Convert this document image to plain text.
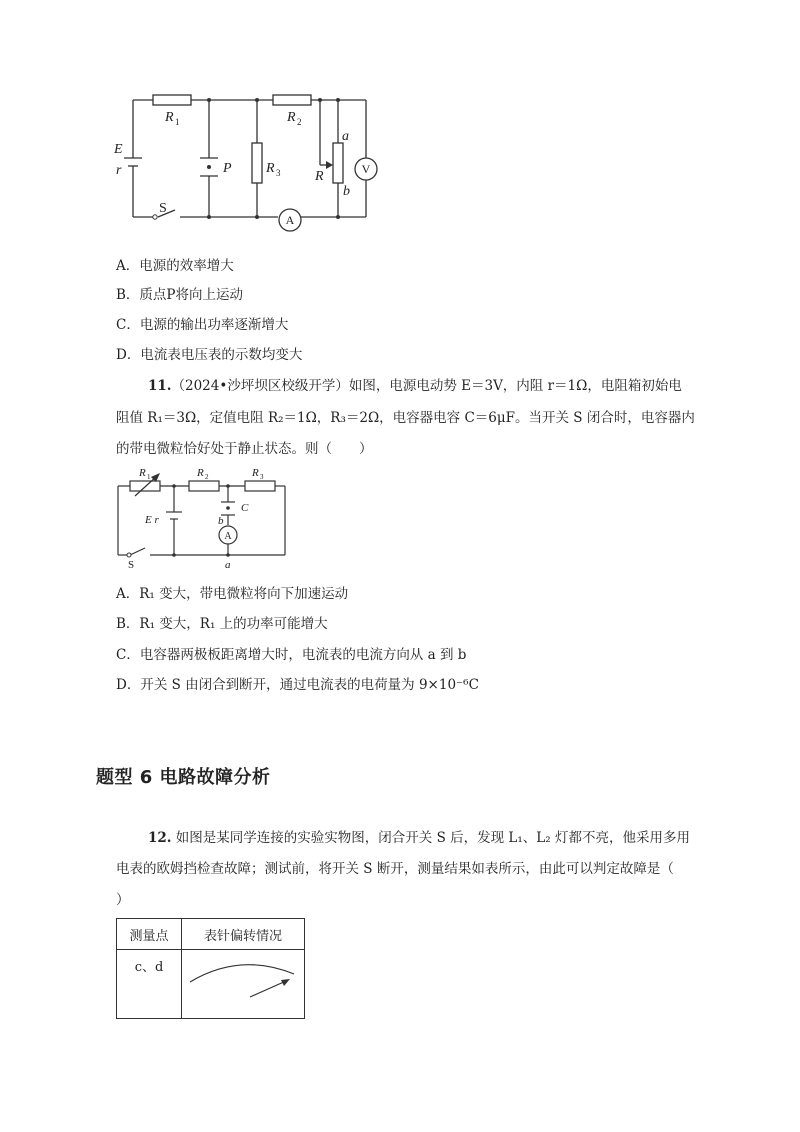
E
r
R 1
P R 3
R 2
R
a
b
S
V
A
A．电源的效率增大
B．质点P将向上运动
C．电源的输出功率逐渐增大
D．电流表电压表的示数均变大
11.（2024•沙坪坝区校级开学）如图，电源电动势 E＝3V，内阻 r＝1Ω，电阻箱初始电
阻值 R₁＝3Ω，定值电阻 R₂＝1Ω，R₃＝2Ω，电容器电容 C＝6μF。当开关 S 闭合时，电容器内
的带电微粒恰好处于静止状态。则（　　）
R 1	R 2	R 3
E r
C
b
a
S
A
A．R₁ 变大，带电微粒将向下加速运动
B．R₁ 变大，R₁ 上的功率可能增大
C．电容器两极板距离增大时，电流表的电流方向从 a 到 b
D．开关 S 由闭合到断开，通过电流表的电荷量为 9×10⁻⁶C
题型 6 电路故障分析
12. 如图是某同学连接的实验实物图，闭合开关 S 后，发现 L₁、L₂ 灯都不亮，他采用多用
电表的欧姆挡检查故障；测试前，将开关 S 断开，测量结果如表所示，由此可以判定故障是（
）
测量点	表针偏转情况
c、d	
